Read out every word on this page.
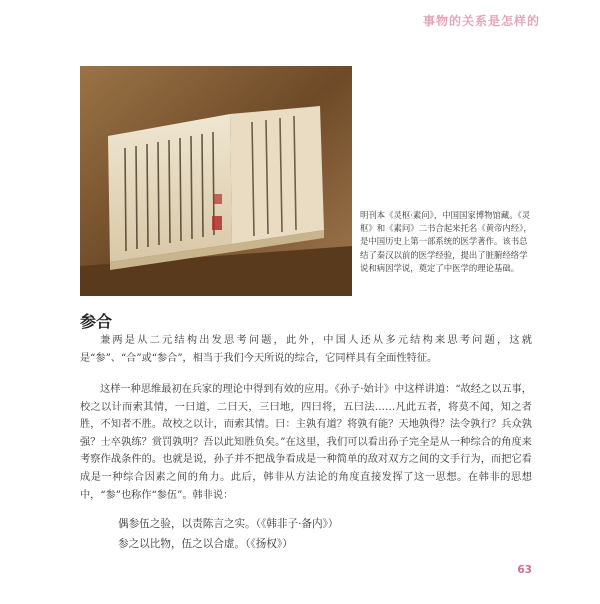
事物的关系是怎样的
明刊本《灵枢·素问》，中国国家博物馆藏。《灵枢》和《素问》二书合起来托名《黄帝内经》，是中国历史上第一部系统的医学著作。该书总结了秦汉以前的医学经验，提出了脏腑经络学说和病因学说，奠定了中医学的理论基础。
参合

兼两是从二元结构出发思考问题，此外，中国人还从多元结构来思考问题，这就是“参”、“合”或“参合”，相当于我们今天所说的综合，它同样具有全面性特征。

这样一种思维最初在兵家的理论中得到有效的应用。《孙子·始计》中这样讲道：“故经之以五事，校之以计而索其情，一曰道，二曰天，三曰地，四曰将，五曰法……凡此五者，将莫不闻，知之者胜，不知者不胜。故校之以计，而索其情。曰：主孰有道？将孰有能？天地孰得？法令孰行？兵众孰强？士卒孰练？赏罚孰明？吾以此知胜负矣。”在这里，我们可以看出孙子完全是从一种综合的角度来考察作战条件的。也就是说，孙子并不把战争看成是一种简单的敌对双方之间的文手行为，而把它看成是一种综合因素之间的角力。此后，韩非从方法论的角度直接发挥了这一思想。在韩非的思想中，“参”也称作“参伍”。韩非说：

偶参伍之验，以责陈言之实。（《韩非子·备内》）
参之以比物，伍之以合虚。（《扬权》）
63
